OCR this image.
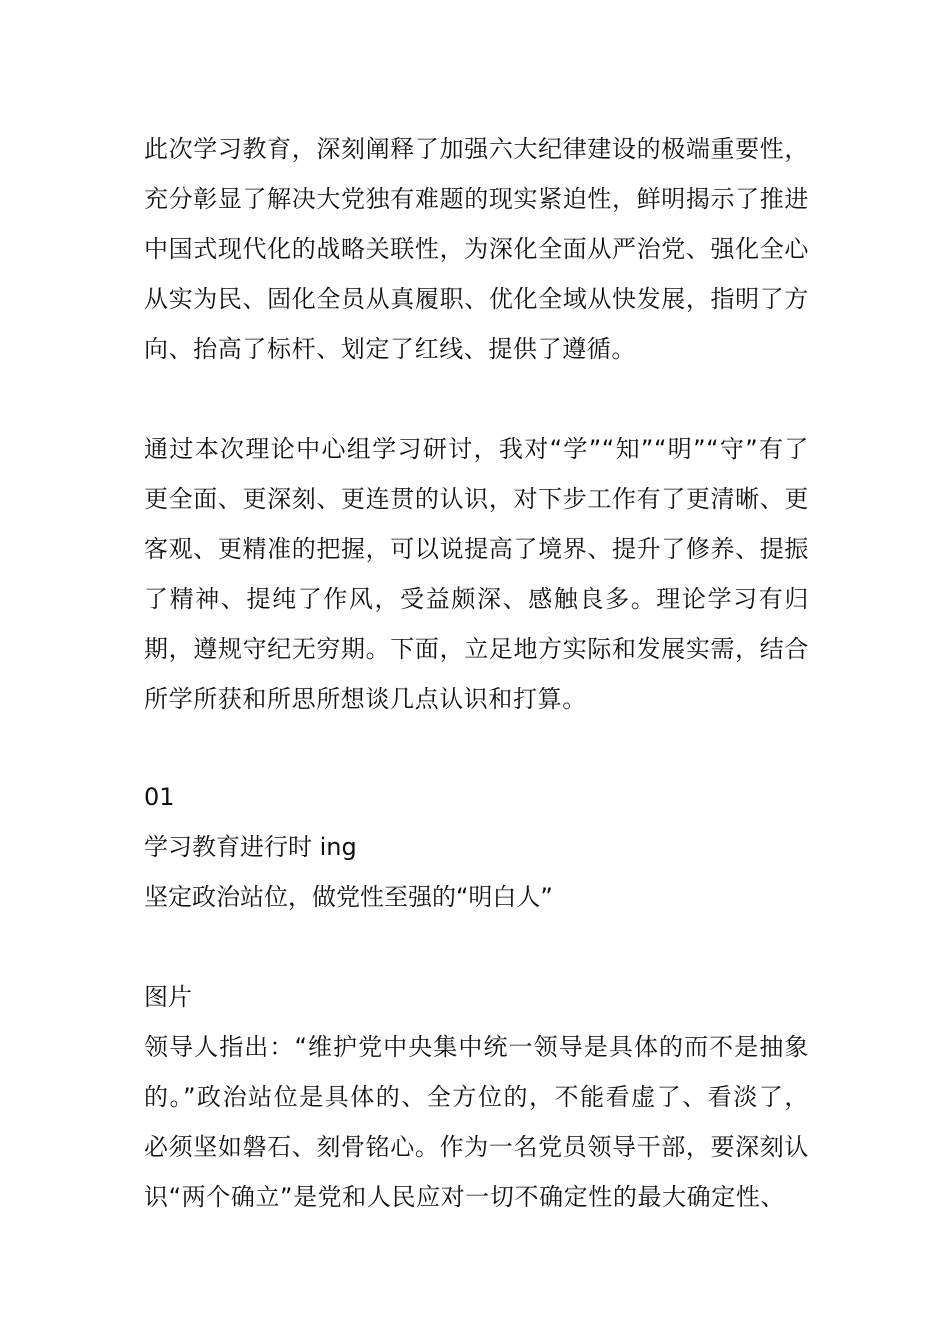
此次学习教育，深刻阐释了加强六大纪律建设的极端重要性，充分彰显了解决大党独有难题的现实紧迫性，鲜明揭示了推进中国式现代化的战略关联性，为深化全面从严治党、强化全心从实为民、固化全员从真履职、优化全域从快发展，指明了方向、抬高了标杆、划定了红线、提供了遵循。

通过本次理论中心组学习研讨，我对“学”“知”“明”“守”有了更全面、更深刻、更连贯的认识，对下步工作有了更清晰、更客观、更精准的把握，可以说提高了境界、提升了修养、提振了精神、提纯了作风，受益颇深、感触良多。理论学习有归期，遵规守纪无穷期。下面，立足地方实际和发展实需，结合所学所获和所思所想谈几点认识和打算。

01

学习教育进行时 ing

坚定政治站位，做党性至强的“明白人”

图片

领导人指出：“维护党中央集中统一领导是具体的而不是抽象的。”政治站位是具体的、全方位的，不能看虚了、看淡了，必须坚如磐石、刻骨铭心。作为一名党员领导干部，要深刻认识“两个确立”是党和人民应对一切不确定性的最大确定性、
